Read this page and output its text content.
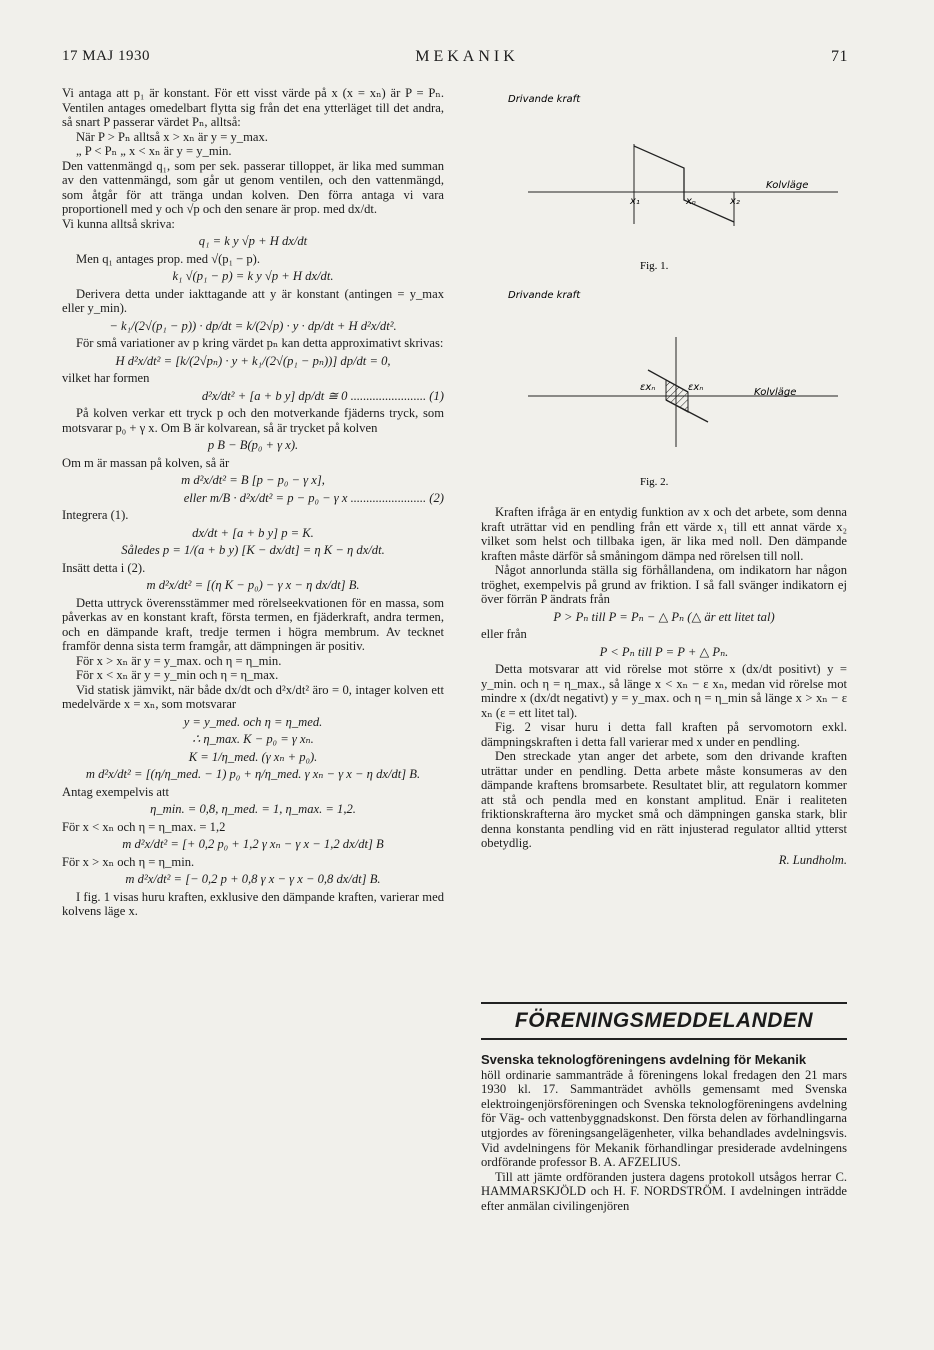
17 MAJ 1930	MEKANIK	71

Vi antaga att p₁ är konstant. För ett visst värde på x (x = xₙ) är P = Pₙ. Ventilen antages omedelbart flytta sig från det ena ytterläget till det andra, så snart P passerar värdet Pₙ, alltså:

När P > Pₙ alltså x > xₙ är y = y_max.

„ P < Pₙ „ x < xₙ är y = y_min.

Den vattenmängd q₁, som per sek. passerar tilloppet, är lika med summan av den vattenmängd, som går ut genom ventilen, och den vattenmängd, som åtgår för att tränga undan kolven. Den förra antaga vi vara proportionell med y och √p och den senare är prop. med dx/dt.

Vi kunna alltså skriva:

q₁ = k y √p + H dx/dt

Men q₁ antages prop. med √(p₁ − p).

k₁ √(p₁ − p) = k y √p + H dx/dt.

Derivera detta under iakttagande att y är konstant (antingen = y_max eller y_min).

− k₁/(2√(p₁ − p)) · dp/dt = k/(2√p) · y · dp/dt + H d²x/dt².

För små variationer av p kring värdet pₙ kan detta approximativt skrivas:

H d²x/dt² = [k/(2√pₙ) · y + k₁/(2√(p₁ − pₙ))] dp/dt = 0,

vilket har formen

d²x/dt² + [a + b y] dp/dt ≅ 0 ........................ (1)

På kolven verkar ett tryck p och den motverkande fjäderns tryck, som motsvarar p₀ + γ x. Om B är kolvarean, så är trycket på kolven

p B − B(p₀ + γ x).

Om m är massan på kolven, så är

m d²x/dt² = B [p − p₀ − γ x],
eller m/B · d²x/dt² = p − p₀ − γ x ........................ (2)

Integrera (1).

dx/dt + [a + b y] p = K.
Således p = 1/(a + b y) [K − dx/dt] = η K − η dx/dt.

Insätt detta i (2).

m d²x/dt² = [(η K − p₀) − γ x − η dx/dt] B.

Detta uttryck överensstämmer med rörelseekvationen för en massa, som påverkas av en konstant kraft, första termen, en fjäderkraft, andra termen, och en dämpande kraft, tredje termen i högra membrum. Av tecknet framför denna sista term framgår, att dämpningen är positiv.

För x > xₙ är y = y_max. och η = η_min.

För x < xₙ är y = y_min och η = η_max.

Vid statisk jämvikt, när både dx/dt och d²x/dt² äro = 0, intager kolven ett medelvärde x = xₙ, som motsvarar

y = y_med. och η = η_med.
∴ η_max. K − p₀ = γ xₙ.
K = 1/η_med. (γ xₙ + p₀).
m d²x/dt² = [(η/η_med. − 1) p₀ + η/η_med. γ xₙ − γ x − η dx/dt] B.

Antag exempelvis att

η_min. = 0,8, η_med. = 1, η_max. = 1,2.

För x < xₙ och η = η_max. = 1,2

m d²x/dt² = [+ 0,2 p₀ + 1,2 γ xₙ − γ x − 1,2 dx/dt] B

För x > xₙ och η = η_min.

m d²x/dt² = [− 0,2 p + 0,8 γ x − γ x − 0,8 dx/dt] B.

I fig. 1 visas huru kraften, exklusive den dämpande kraften, varierar med kolvens läge x.

Drivande kraft
x₁	xₙ	x₂
Kolvläge
Fig. 1.
Drivande kraft
εxₙ	εxₙ	Kolvläge
Fig. 2.

Kraften ifråga är en entydig funktion av x och det arbete, som denna kraft uträttar vid en pendling från ett värde x₁ till ett annat värde x₂ vilket som helst och tillbaka igen, är lika med noll. Den dämpande kraften måste därför så småningom dämpa ned rörelsen till noll.

Något annorlunda ställa sig förhållandena, om indikatorn har någon tröghet, exempelvis på grund av friktion. I så fall svänger indikatorn ej över förrän P ändrats från

P > Pₙ till P = Pₙ − △ Pₙ (△ är ett litet tal)

eller från

P < Pₙ till P = P + △ Pₙ.

Detta motsvarar att vid rörelse mot större x (dx/dt positivt) y = y_min. och η = η_max., så länge x < xₙ − ε xₙ, medan vid rörelse mot mindre x (dx/dt negativt) y = y_max. och η = η_min så länge x > xₙ − ε xₙ (ε = ett litet tal).

Fig. 2 visar huru i detta fall kraften på servomotorn exkl. dämpningskraften i detta fall varierar med x under en pendling.

Den streckade ytan anger det arbete, som den drivande kraften uträttar under en pendling. Detta arbete måste konsumeras av den dämpande kraftens bromsarbete. Resultatet blir, att regulatorn kommer att stå och pendla med en konstant amplitud. Enär i realiteten friktionskrafterna äro mycket små och dämpningen ganska stark, blir denna konstanta pendling vid en rätt injusterad regulator alltid ytterst obetydlig.

R. Lundholm.
FÖRENINGSMEDDELANDEN
Svenska teknologföreningens avdelning för Mekanik

höll ordinarie sammanträde å föreningens lokal fredagen den 21 mars 1930 kl. 17. Sammanträdet avhölls gemensamt med Svenska elektroingenjörsföreningen och Svenska teknologföreningens avdelning för Väg- och vattenbyggnadskonst. Den första delen av förhandlingarna utgjordes av föreningsangelägenheter, vilka behandlades avdelningsvis. Vid avdelningens för Mekanik förhandlingar presiderade avdelningens ordförande professor B. A. AFZELIUS.

Till att jämte ordföranden justera dagens protokoll utsågos herrar C. HAMMARSKJÖLD och H. F. NORDSTRÖM. I avdelningen inträdde efter anmälan civilingenjören
